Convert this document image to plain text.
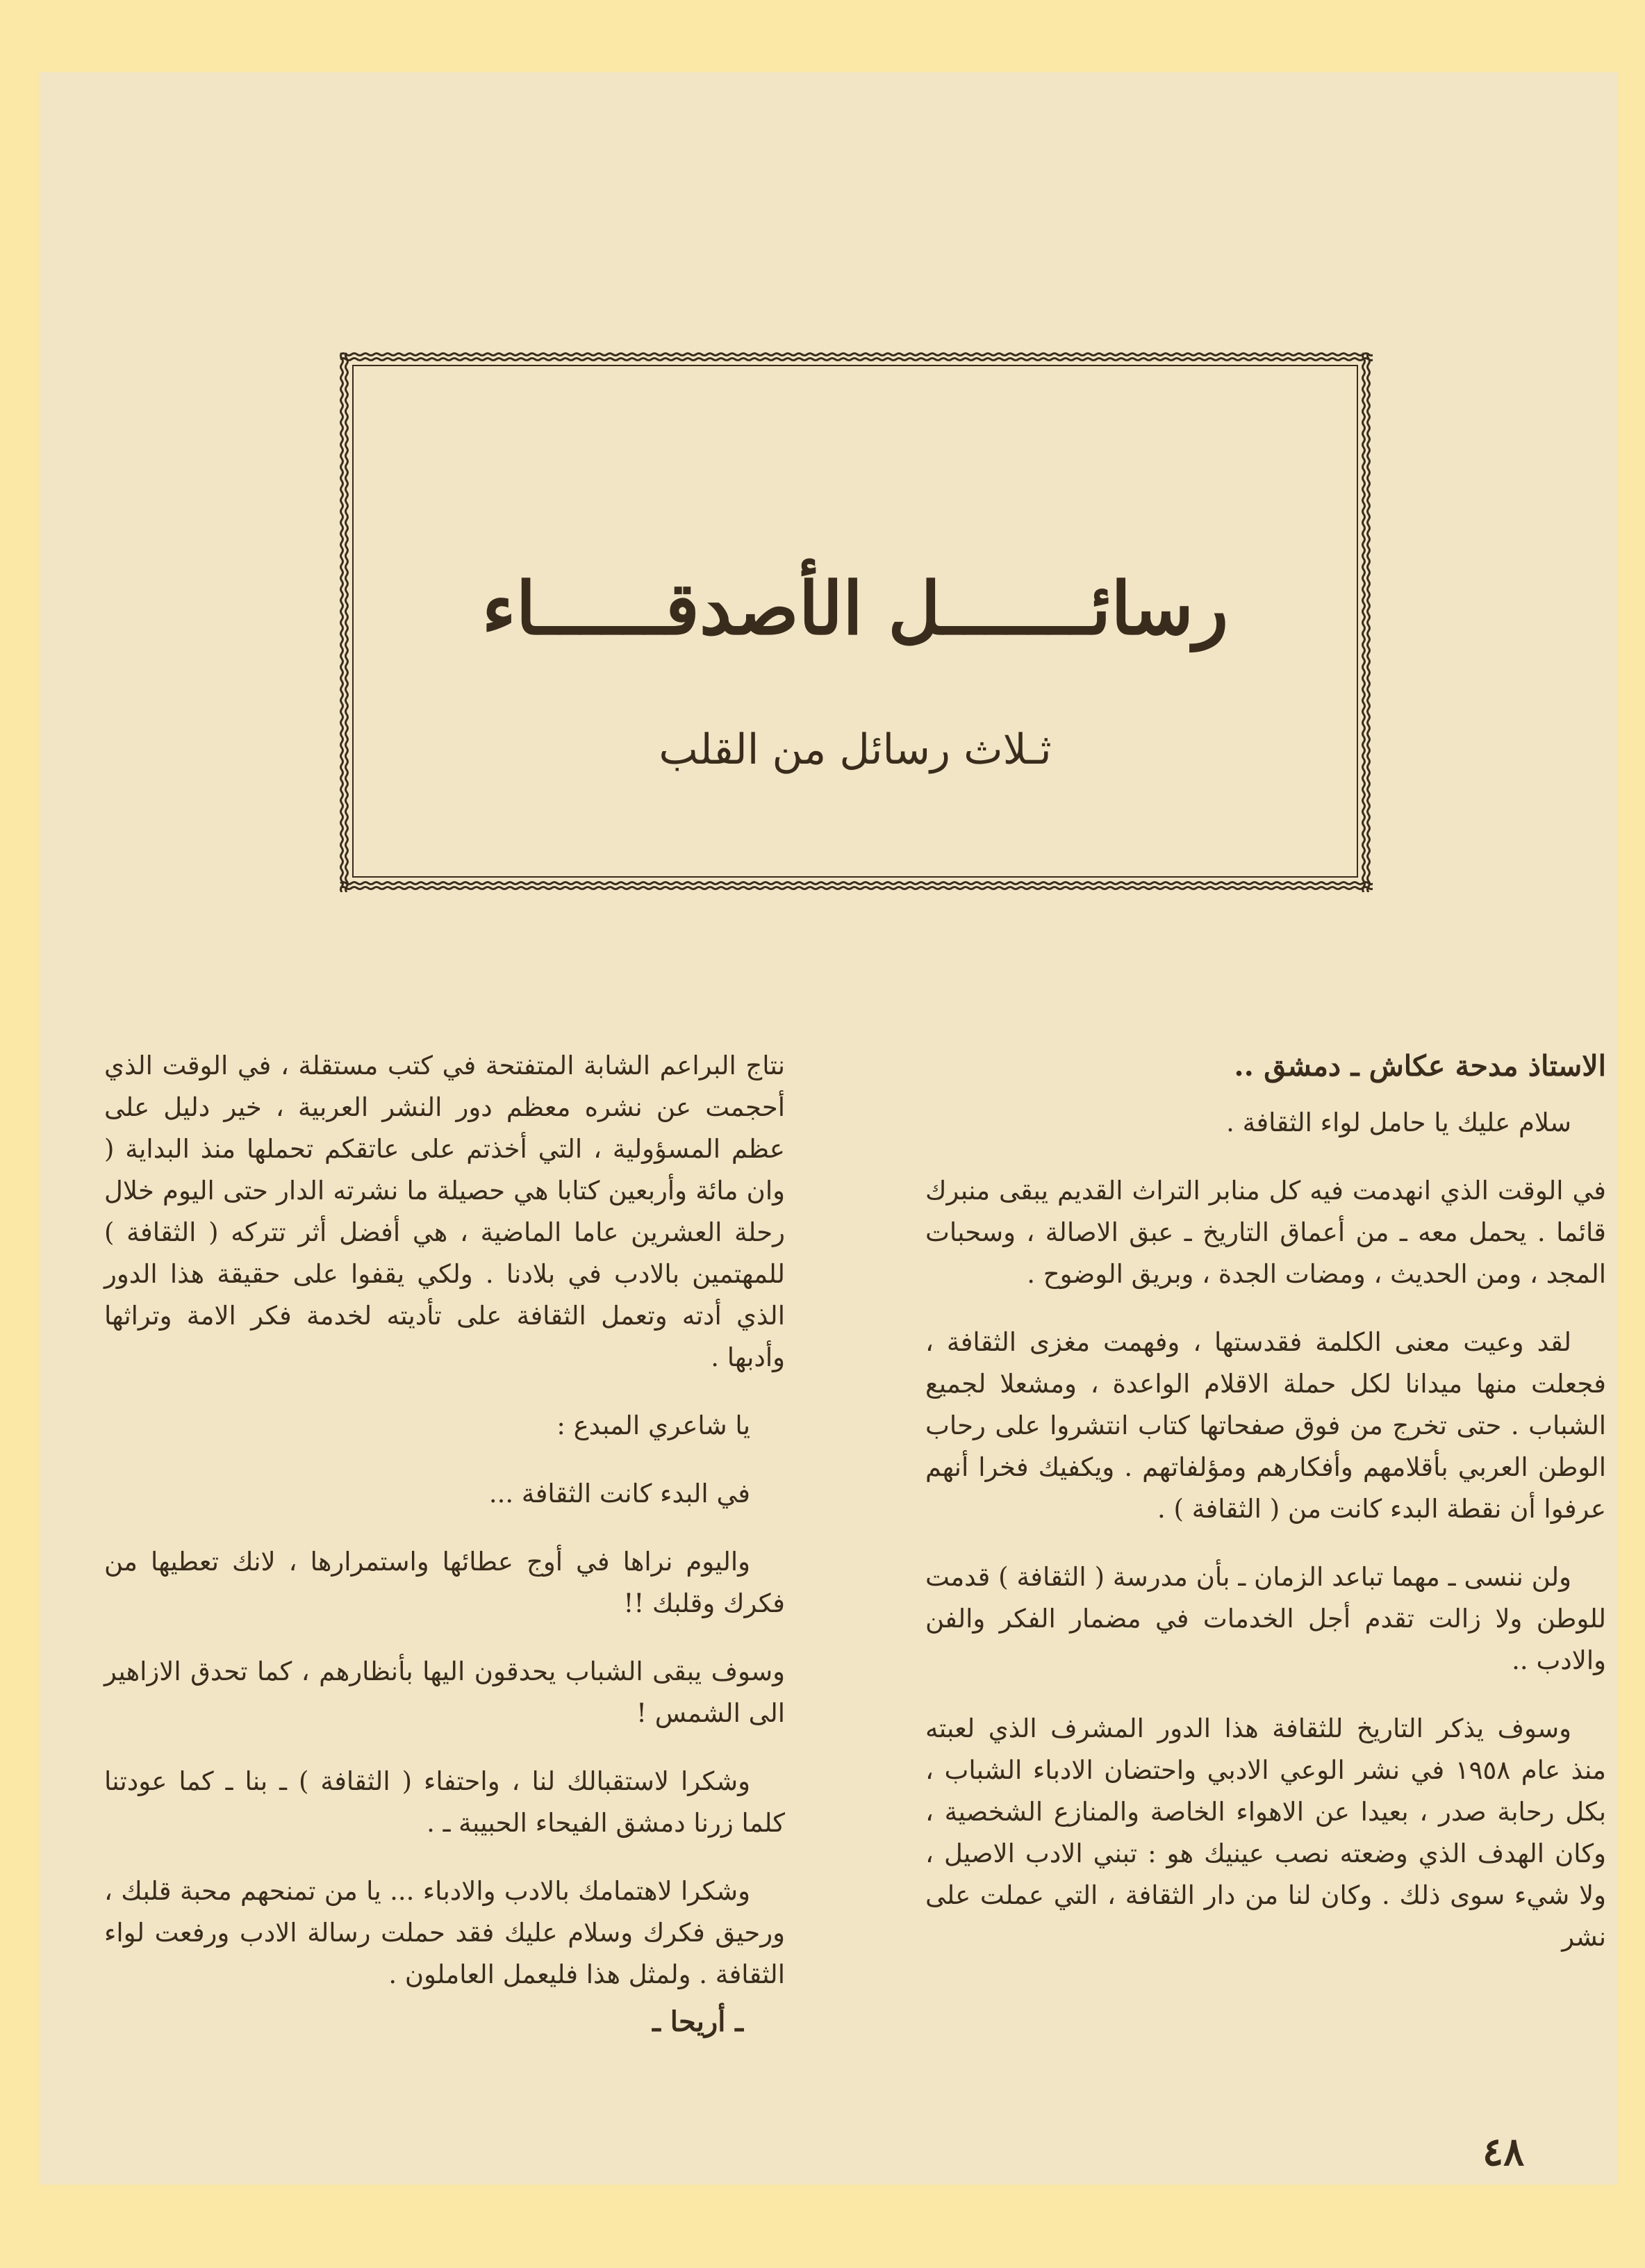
رسائـــــــل الأصدقــــــاء
ثـلاث رسائل من القلب

الاستاذ مدحة عكاش ـ دمشق ..

سلام عليك يا حامل لواء الثقافة .

في الوقت الذي انهدمت فيه كل منابر التراث القديم يبقى منبرك قائما . يحمل معه ـ من أعماق التاريخ ـ عبق الاصالة ، وسحبات المجد ، ومن الحديث ، ومضات الجدة ، وبريق الوضوح .

لقد وعيت معنى الكلمة فقدستها ، وفهمت مغزى الثقافة ، فجعلت منها ميدانا لكل حملة الاقلام الواعدة ، ومشعلا لجميع الشباب . حتى تخرج من فوق صفحاتها كتاب انتشروا على رحاب الوطن العربي بأقلامهم وأفكارهم ومؤلفاتهم . ويكفيك فخرا أنهم عرفوا أن نقطة البدء كانت من ( الثقافة ) .

ولن ننسى ـ مهما تباعد الزمان ـ بأن مدرسة ( الثقافة ) قدمت للوطن ولا زالت تقدم أجل الخدمات في مضمار الفكر والفن والادب ..

وسوف يذكر التاريخ للثقافة هذا الدور المشرف الذي لعبته منذ عام ١٩٥٨ في نشر الوعي الادبي واحتضان الادباء الشباب ، بكل رحابة صدر ، بعيدا عن الاهواء الخاصة والمنازع الشخصية ، وكان الهدف الذي وضعته نصب عينيك هو : تبني الادب الاصيل ، ولا شيء سوى ذلك . وكان لنا من دار الثقافة ، التي عملت على نشر

نتاج البراعم الشابة المتفتحة في كتب مستقلة ، في الوقت الذي أحجمت عن نشره معظم دور النشر العربية ، خير دليل على عظم المسؤولية ، التي أخذتم على عاتقكم تحملها منذ البداية ( وان مائة وأربعين كتابا هي حصيلة ما نشرته الدار حتى اليوم خلال رحلة العشرين عاما الماضية ، هي أفضل أثر تتركه ( الثقافة ) للمهتمين بالادب في بلادنا . ولكي يقفوا على حقيقة هذا الدور الذي أدته وتعمل الثقافة على تأديته لخدمة فكر الامة وتراثها وأدبها .

يا شاعري المبدع :

في البدء كانت الثقافة ...

واليوم نراها في أوج عطائها واستمرارها ، لانك تعطيها من فكرك وقلبك !!

وسوف يبقى الشباب يحدقون اليها بأنظارهم ، كما تحدق الازاهير الى الشمس !

وشكرا لاستقبالك لنا ، واحتفاء ( الثقافة ) ـ بنا ـ كما عودتنا كلما زرنا دمشق الفيحاء الحبيبة ـ .

وشكرا لاهتمامك بالادب والادباء ... يا من تمنحهم محبة قلبك ، ورحيق فكرك وسلام عليك فقد حملت رسالة الادب ورفعت لواء الثقافة . ولمثل هذا فليعمل العاملون .

ـ أريحا ـ

٤٨
